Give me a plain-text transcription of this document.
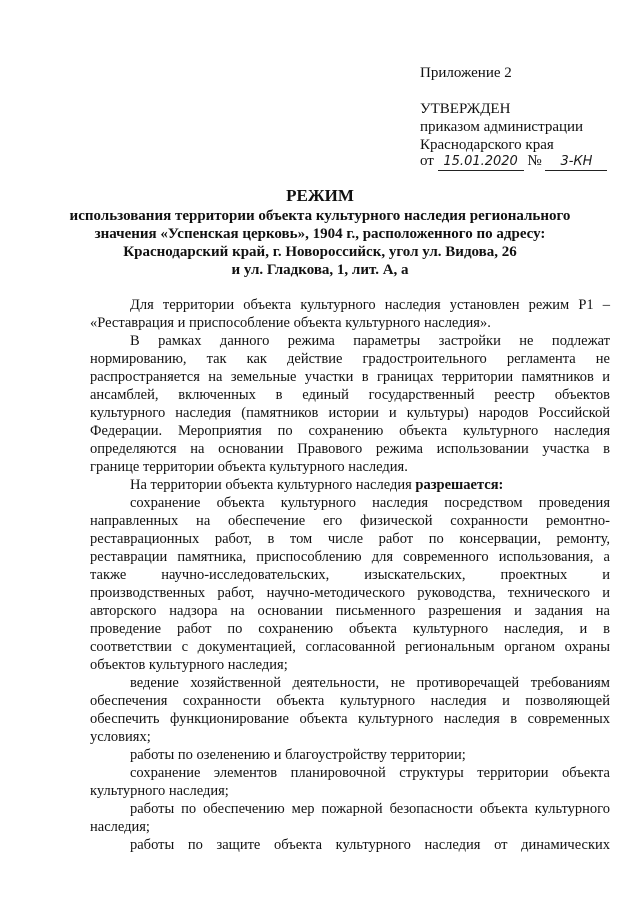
Приложение 2
УТВЕРЖДЕН
приказом администрации
Краснодарского края
от 15.01.2020 № 3-КН
РЕЖИМ
использования территории объекта культурного наследия регионального
значения «Успенская церковь», 1904 г., расположенного по адресу:
Краснодарский край, г. Новороссийск, угол ул. Видова, 26
и ул. Гладкова, 1, лит. А, а
Для территории объекта культурного наследия установлен режим Р1 –
«Реставрация и приспособление объекта культурного наследия».
В рамках данного режима параметры застройки не подлежат
нормированию, так как действие градостроительного регламента не
распространяется на земельные участки в границах территории памятников и
ансамблей, включенных в единый государственный реестр объектов
культурного наследия (памятников истории и культуры) народов Российской
Федерации. Мероприятия по сохранению объекта культурного наследия
определяются на основании Правового режима использовании участка в
границе территории объекта культурного наследия.
На территории объекта культурного наследия разрешается:
сохранение объекта культурного наследия посредством проведения
направленных на обеспечение его физической сохранности ремонтно-
реставрационных работ, в том числе работ по консервации, ремонту,
реставрации памятника, приспособлению для современного использования, а
также научно-исследовательских, изыскательских, проектных и
производственных работ, научно-методического руководства, технического и
авторского надзора на основании письменного разрешения и задания на
проведение работ по сохранению объекта культурного наследия, и в
соответствии с документацией, согласованной региональным органом охраны
объектов культурного наследия;
ведение хозяйственной деятельности, не противоречащей требованиям
обеспечения сохранности объекта культурного наследия и позволяющей
обеспечить функционирование объекта культурного наследия в современных
условиях;
работы по озеленению и благоустройству территории;
сохранение элементов планировочной структуры территории объекта
культурного наследия;
работы по обеспечению мер пожарной безопасности объекта культурного
наследия;
работы по защите объекта культурного наследия от динамических
